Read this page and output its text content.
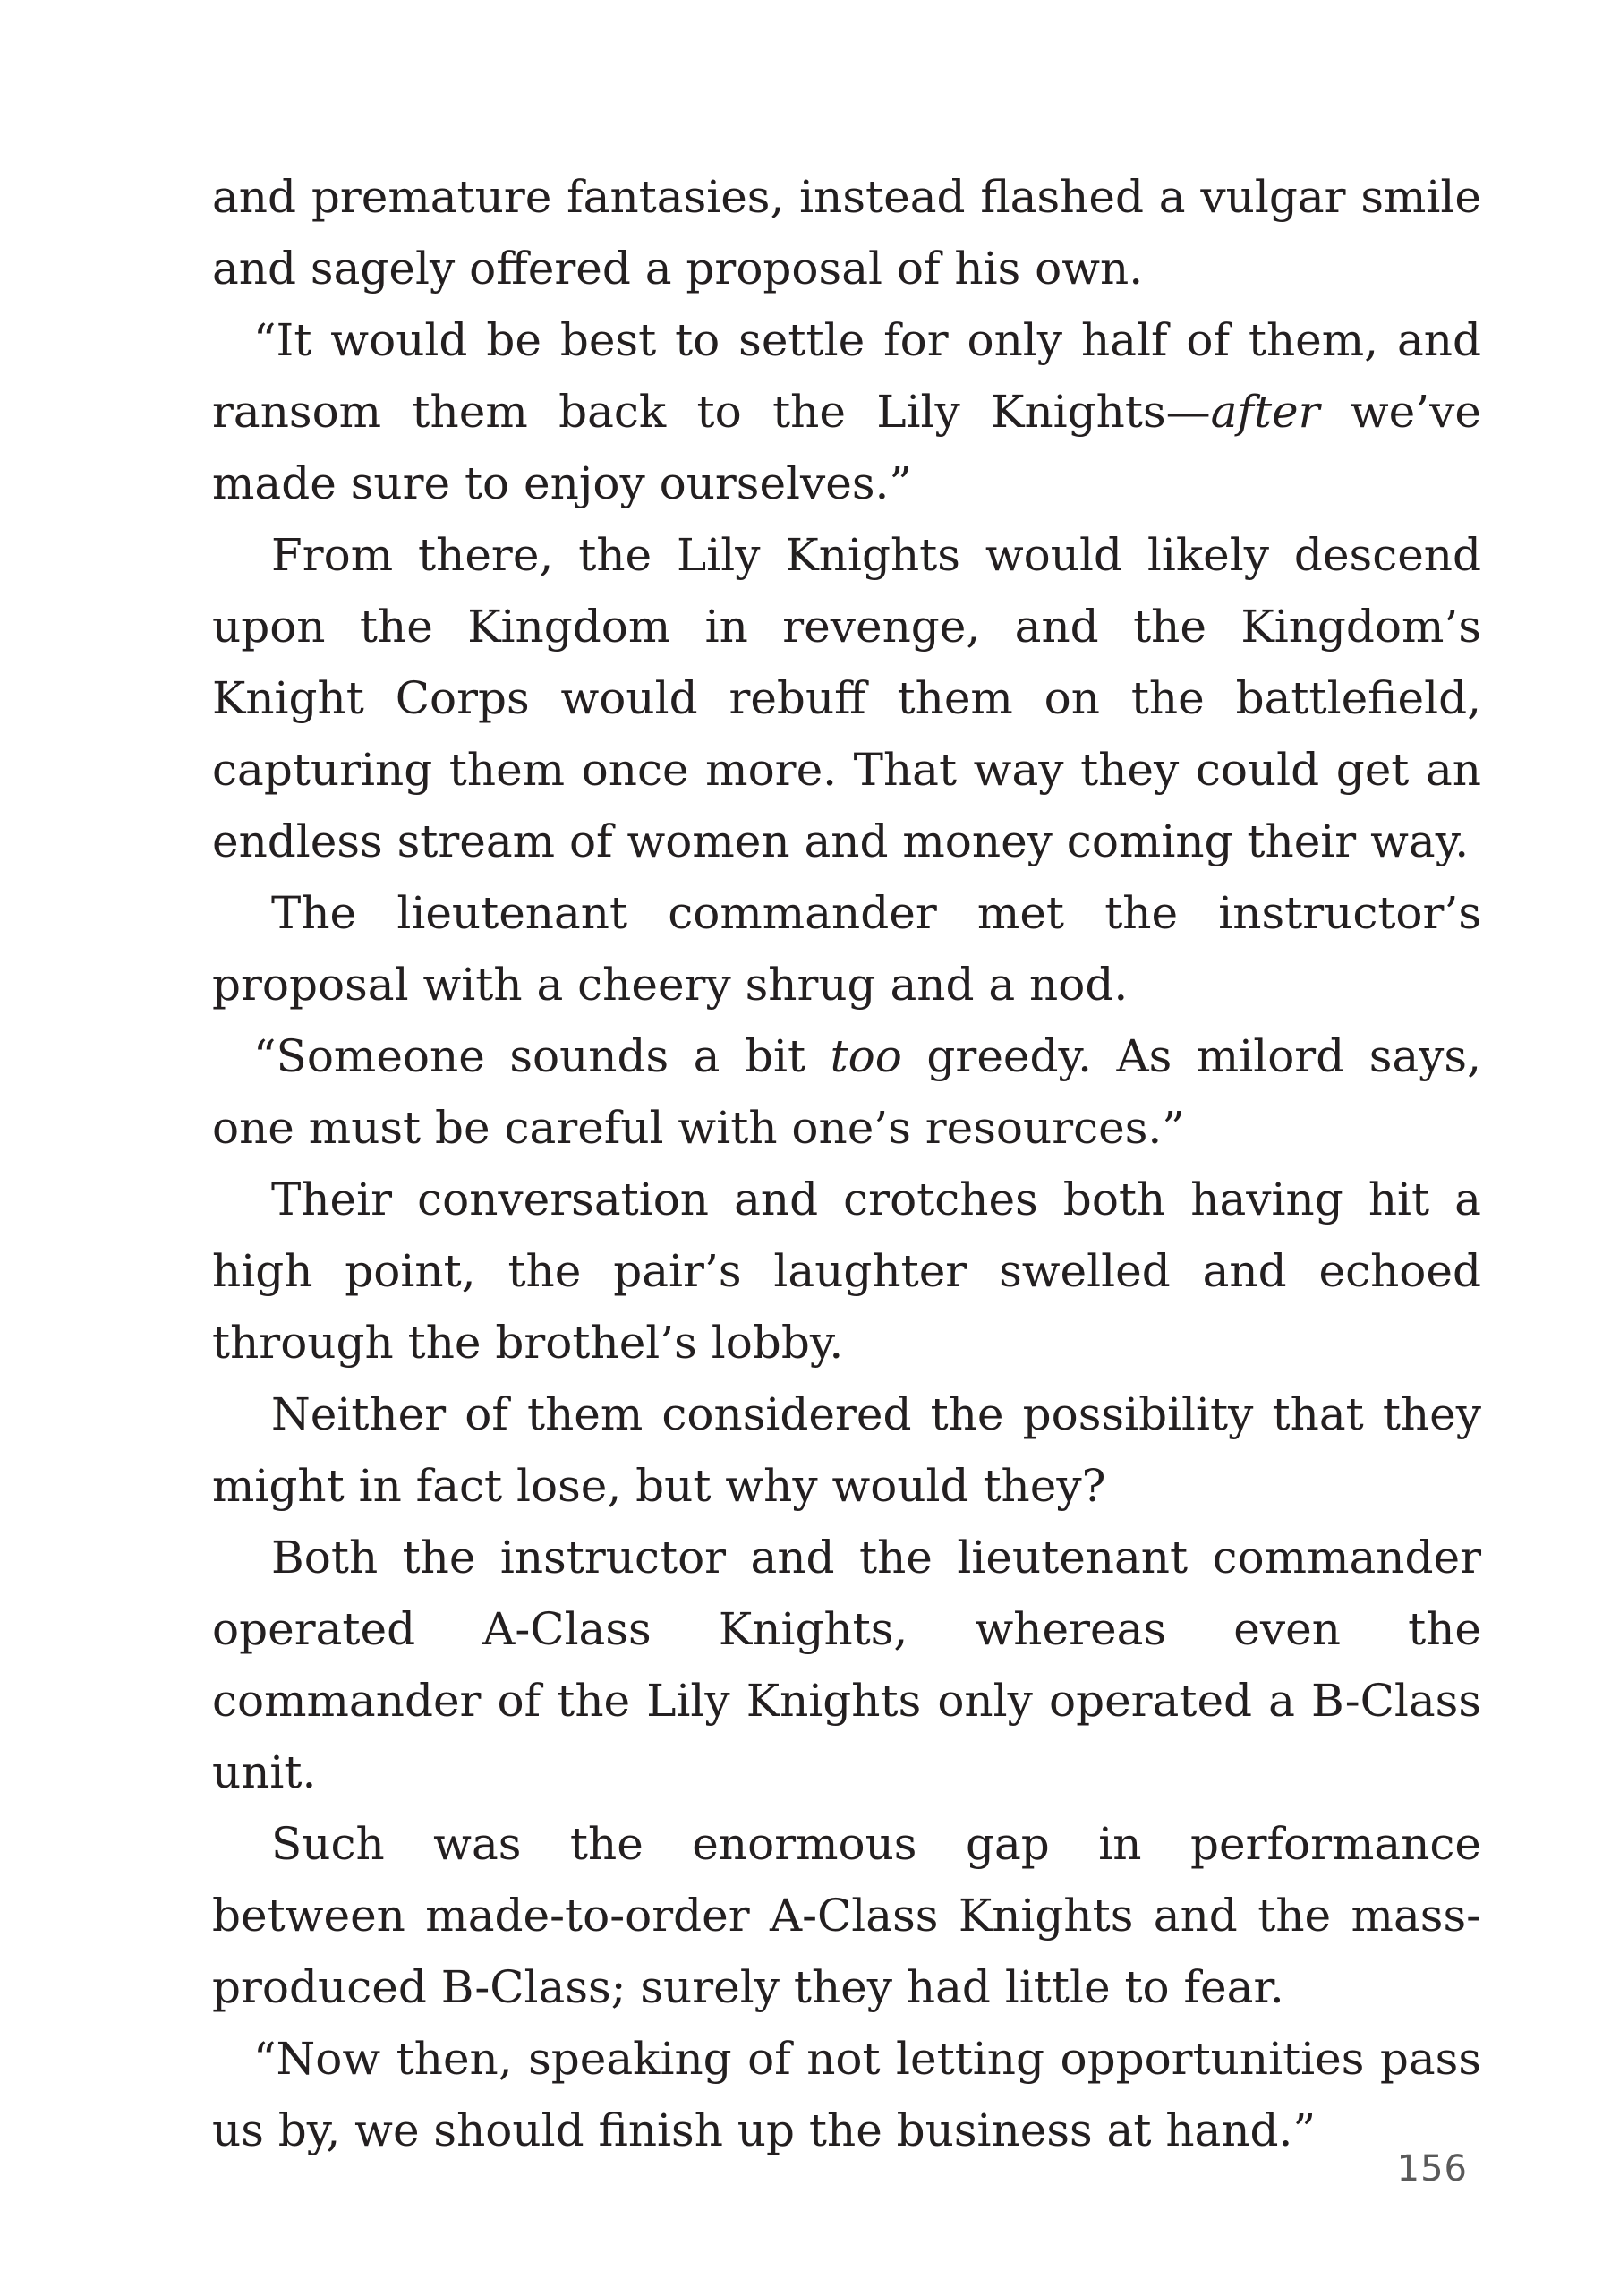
and premature fantasies, instead flashed a vulgar smile and sagely offered a proposal of his own.

“It would be best to settle for only half of them, and ransom them back to the Lily Knights—after we’ve made sure to enjoy ourselves.”

From there, the Lily Knights would likely descend upon the Kingdom in revenge, and the Kingdom’s Knight Corps would rebuff them on the battlefield, capturing them once more. That way they could get an endless stream of women and money coming their way.

The lieutenant commander met the instructor’s proposal with a cheery shrug and a nod.

“Someone sounds a bit too greedy. As milord says, one must be careful with one’s resources.”

Their conversation and crotches both having hit a high point, the pair’s laughter swelled and echoed through the brothel’s lobby.

Neither of them considered the possibility that they might in fact lose, but why would they?

Both the instructor and the lieutenant commander operated A-Class Knights, whereas even the commander of the Lily Knights only operated a B-Class unit.

Such was the enormous gap in performance between made-to-order A-Class Knights and the mass-produced B-Class; surely they had little to fear.

“Now then, speaking of not letting opportunities pass us by, we should finish up the business at hand.”

156
